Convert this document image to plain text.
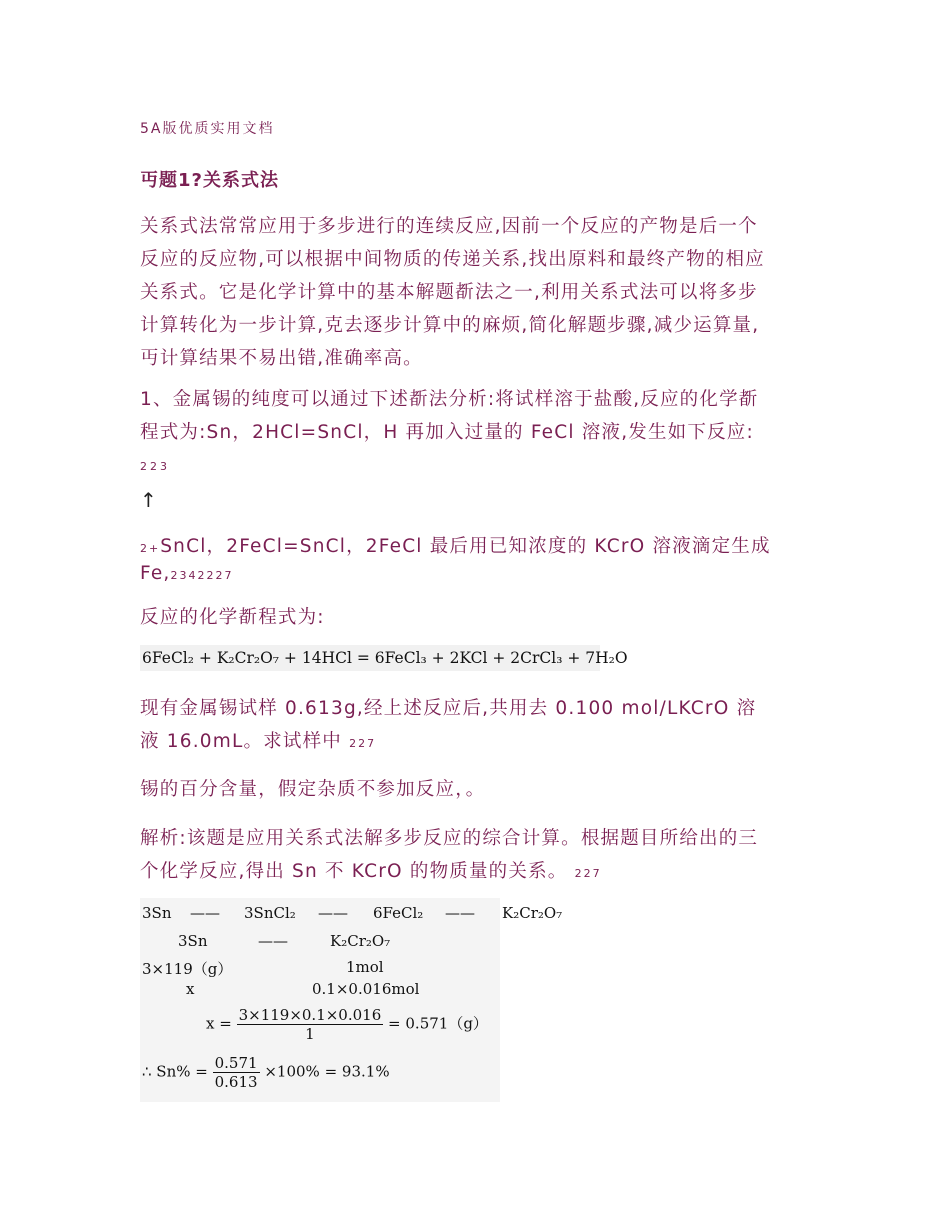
5A版优质实用文档

丏题1?关系式法

关系式法常常应用于多步进行的连续反应,因前一个反应的产物是后一个
反应的反应物,可以根据中间物质的传递关系,找出原料和最终产物的相应
关系式。它是化学计算中的基本解题斱法之一,利用关系式法可以将多步
计算转化为一步计算,克去逐步计算中的麻烦,简化解题步骤,减少运算量,
丏计算结果不易出错,准确率高。
1、金属锡的纯度可以通过下述斱法分析:将试样溶于盐酸,反应的化学斱
程式为:Sn，2HCl=SnCl，H 再加入过量的 FeCl 溶液,发生如下反应:
223
↑
2+SnCl，2FeCl=SnCl，2FeCl 最后用已知浓度的 KCrO 溶液滴定生成
Fe,2342227
反应的化学斱程式为:
6FeCl₂ + K₂Cr₂O₇ + 14HCl = 6FeCl₃ + 2KCl + 2CrCl₃ + 7H₂O
现有金属锡试样 0.613g,经上述反应后,共用去 0.100 mol/LKCrO 溶
液 16.0mL。求试样中 227
锡的百分含量，假定杂质不参加反应，。
解析:该题是应用关系式法解多步反应的综合计算。根据题目所给出的三
个化学反应,得出 Sn 不 KCrO 的物质量的关系。 227
3Sn —— 3SnCl₂ —— 6FeCl₂ —— K₂Cr₂O₇
3Sn	——	K₂Cr₂O₇
3×119（g）	1mol
x	0.1×0.016mol
$x = \frac{3\times 119\times 0.1\times 0.016}{1} = 0.571(g)$
∴ $Sn\% = \frac{0.571}{0.613} \times 100\% = 93.1\%$
